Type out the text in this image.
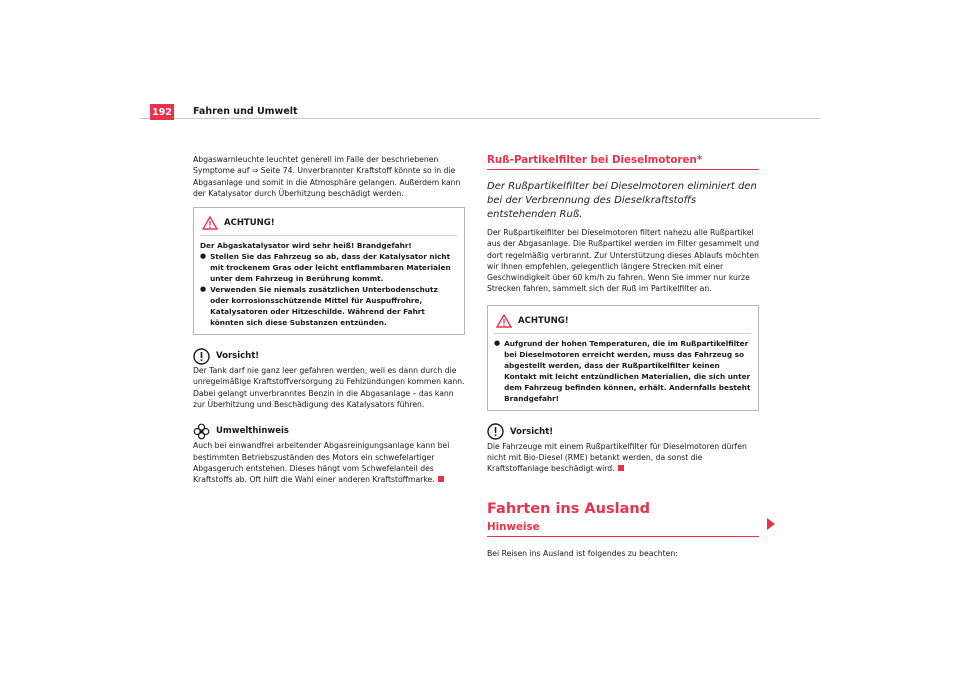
192 Fahren und Umwelt

Abgaswarnleuchte leuchtet generell im Falle der beschriebenen Symptome auf ⇒ Seite 74. Unverbrannter Kraftstoff könnte so in die Abgasanlage und somit in die Atmosphäre gelangen. Außerdem kann der Katalysator durch Überhitzung beschädigt werden.

ACHTUNG!

Der Abgaskatalysator wird sehr heiß! Brandgefahr!

● Stellen Sie das Fahrzeug so ab, dass der Katalysator nicht mit trockenem Gras oder leicht entflammbaren Materialen unter dem Fahrzeug in Berührung kommt.

● Verwenden Sie niemals zusätzlichen Unterbodenschutz oder korrosionsschützende Mittel für Auspuffrohre, Katalysatoren oder Hitzeschilde. Während der Fahrt könnten sich diese Substanzen entzünden.

Vorsicht!

Der Tank darf nie ganz leer gefahren werden, weil es dann durch die unregelmäßige Kraftstoffversorgung zu Fehlzündungen kommen kann. Dabei gelangt unverbranntes Benzin in die Abgasanlage – das kann zur Überhitzung und Beschädigung des Katalysators führen.

Umwelthinweis

Auch bei einwandfrei arbeitender Abgasreinigungsanlage kann bei bestimmten Betriebszuständen des Motors ein schwefelartiger Abgasgeruch entstehen. Dieses hängt vom Schwefelanteil des Kraftstoffs ab. Oft hilft die Wahl einer anderen Kraftstoffmarke.

Ruß-Partikelfilter bei Dieselmotoren*
Der Rußpartikelfilter bei Dieselmotoren eliminiert den bei der Verbrennung des Dieselkraftstoffs entstehenden Ruß.

Der Rußpartikelfilter bei Dieselmotoren filtert nahezu alle Rußpartikel aus der Abgasanlage. Die Rußpartikel werden im Filter gesammelt und dort regelmäßig verbrannt. Zur Unterstützung dieses Ablaufs möchten wir Ihnen empfehlen, gelegentlich längere Strecken mit einer Geschwindigkeit über 60 km/h zu fahren. Wenn Sie immer nur kurze Strecken fahren, sammelt sich der Ruß im Partikelfilter an.

ACHTUNG!
● Aufgrund der hohen Temperaturen, die im Rußpartikelfilter bei Dieselmotoren erreicht werden, muss das Fahrzeug so abgestellt werden, dass der Rußpartikelfilter keinen Kontakt mit leicht entzündlichen Materialien, die sich unter dem Fahrzeug befinden können, erhält. Andernfalls besteht Brandgefahr!

Vorsicht!

Die Fahrzeuge mit einem Rußpartikelfilter für Dieselmotoren dürfen nicht mit Bio-Diesel (RME) betankt werden, da sonst die Kraftstoffanlage beschädigt wird.

Fahrten ins Ausland
Hinweise

Bei Reisen ins Ausland ist folgendes zu beachten:
